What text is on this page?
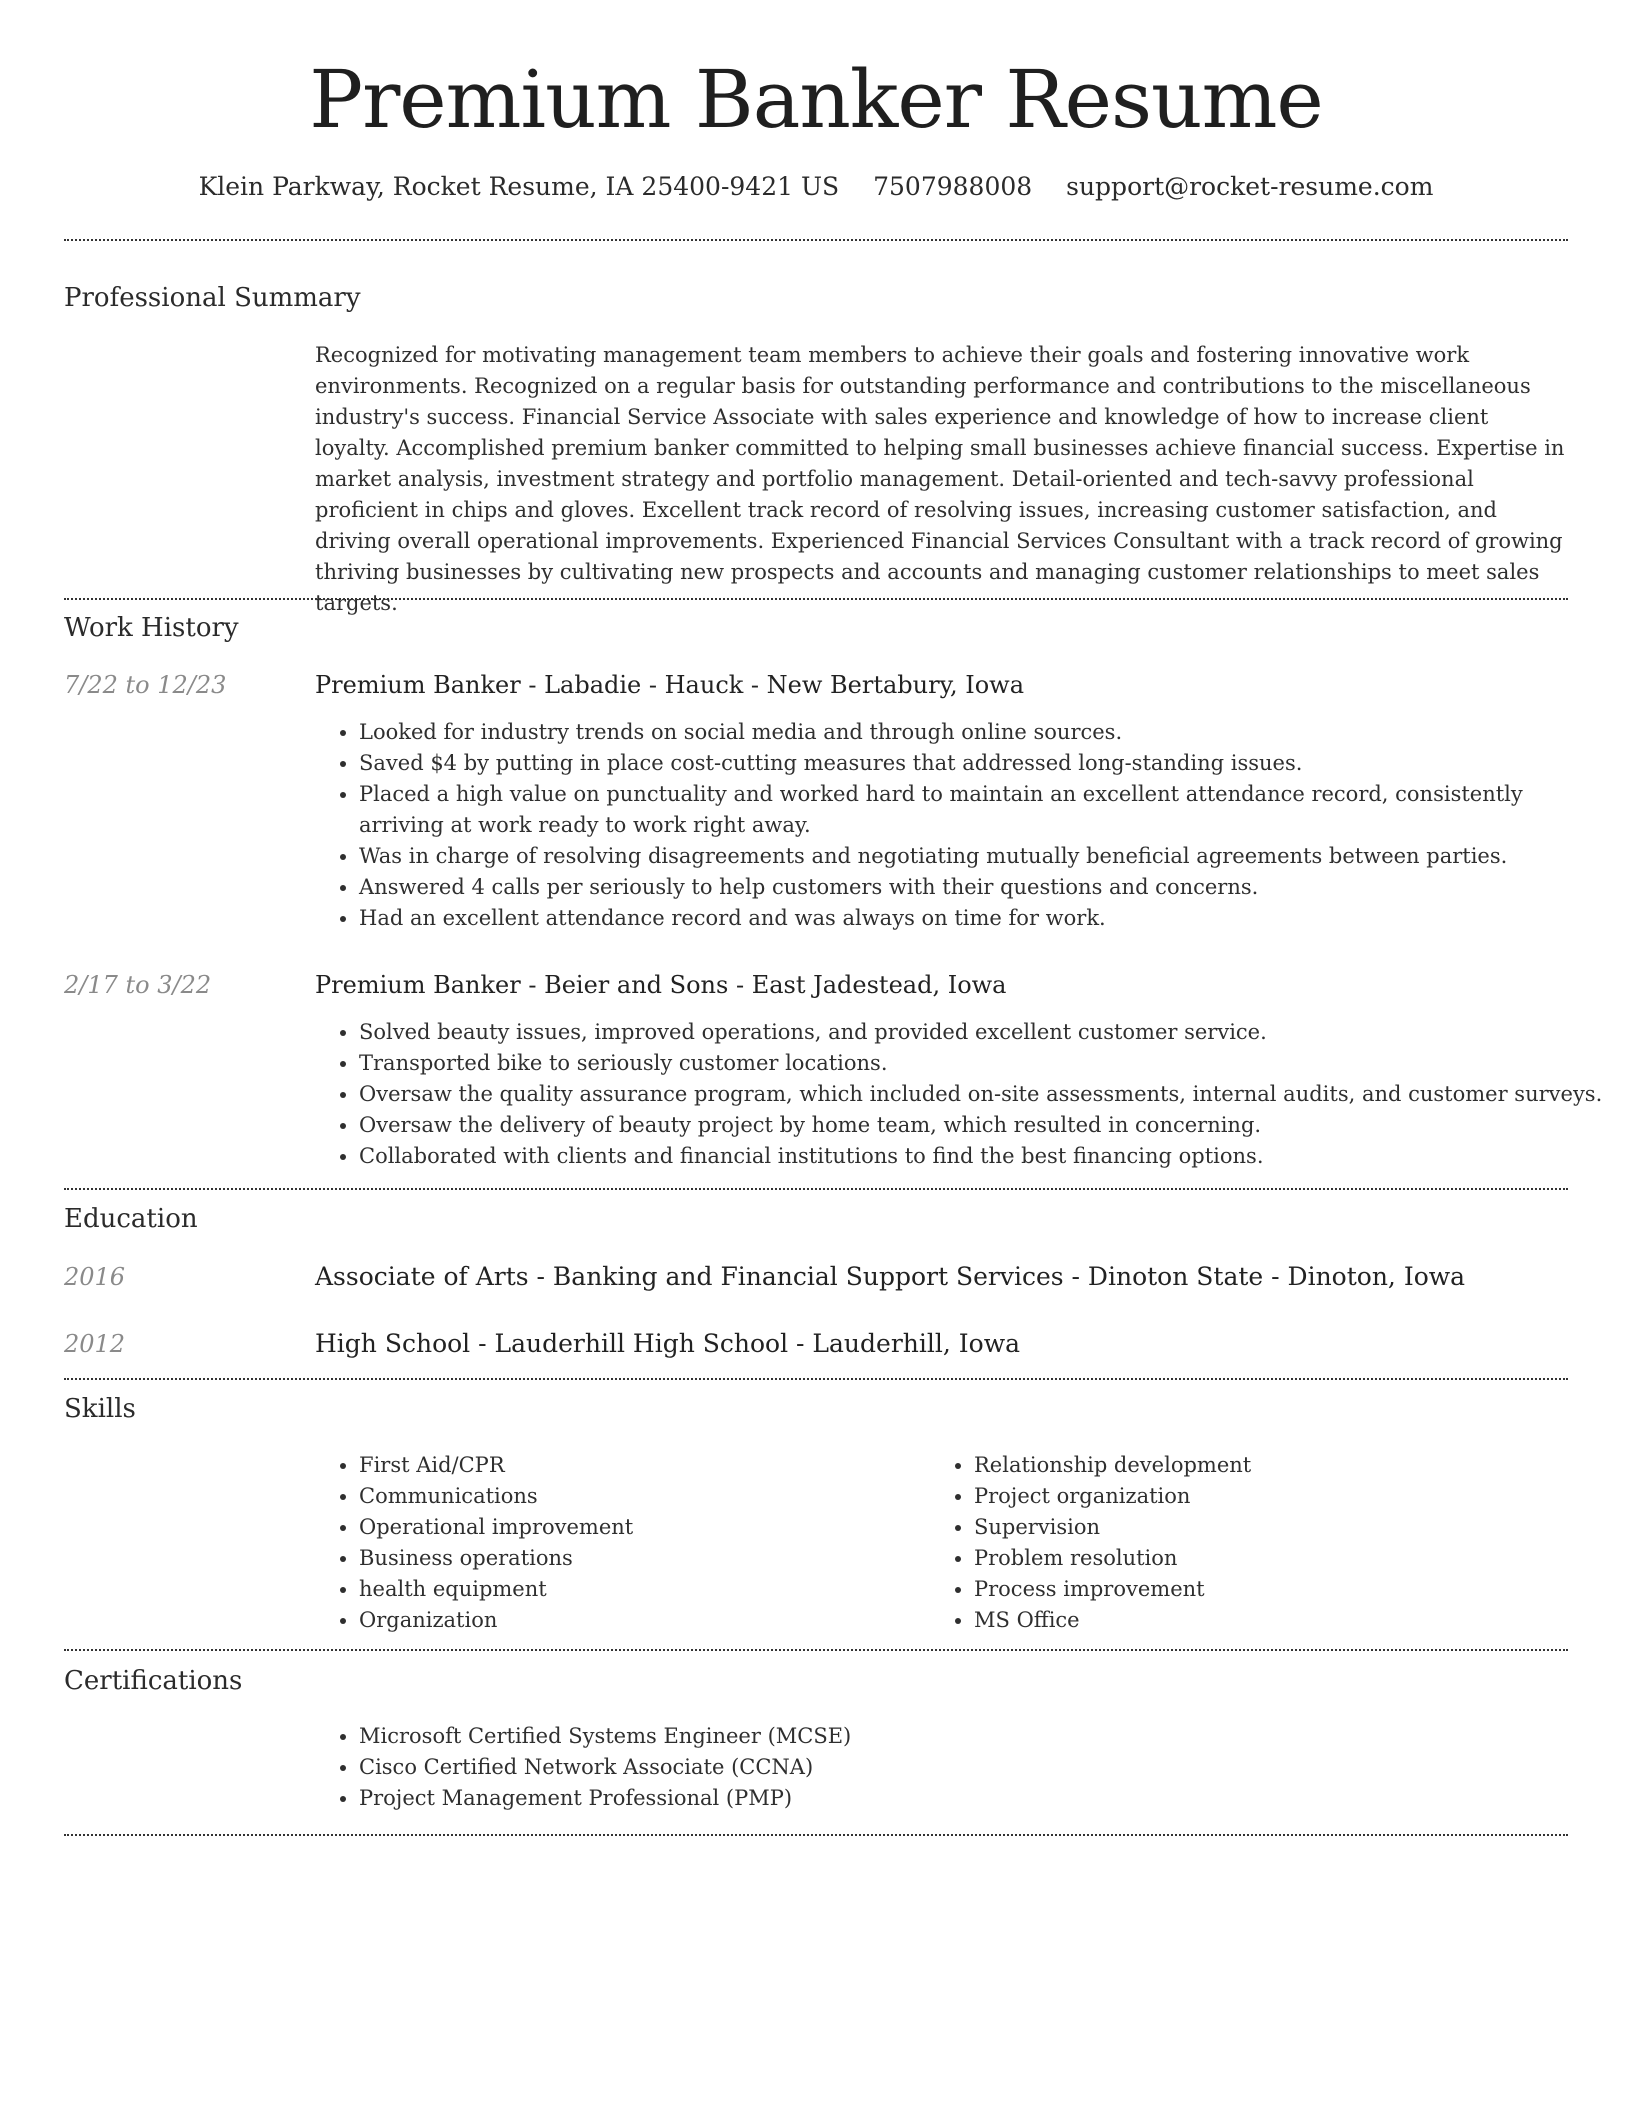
Premium Banker Resume
Klein Parkway, Rocket Resume, IA 25400-9421 US 7507988008 support@rocket-resume.com
Professional Summary
Recognized for motivating management team members to achieve their goals and fostering innovative work environments. Recognized on a regular basis for outstanding performance and contributions to the miscellaneous industry's success. Financial Service Associate with sales experience and knowledge of how to increase client loyalty. Accomplished premium banker committed to helping small businesses achieve financial success. Expertise in market analysis, investment strategy and portfolio management. Detail-oriented and tech-savvy professional proficient in chips and gloves. Excellent track record of resolving issues, increasing customer satisfaction, and driving overall operational improvements. Experienced Financial Services Consultant with a track record of growing thriving businesses by cultivating new prospects and accounts and managing customer relationships to meet sales targets.
Work History
7/22 to 12/23	Premium Banker - Labadie - Hauck - New Bertabury, Iowa
• Looked for industry trends on social media and through online sources.
• Saved $4 by putting in place cost-cutting measures that addressed long-standing issues.
• Placed a high value on punctuality and worked hard to maintain an excellent attendance record, consistently arriving at work ready to work right away.
• Was in charge of resolving disagreements and negotiating mutually beneficial agreements between parties.
• Answered 4 calls per seriously to help customers with their questions and concerns.
• Had an excellent attendance record and was always on time for work.
2/17 to 3/22	Premium Banker - Beier and Sons - East Jadestead, Iowa
• Solved beauty issues, improved operations, and provided excellent customer service.
• Transported bike to seriously customer locations.
• Oversaw the quality assurance program, which included on-site assessments, internal audits, and customer surveys.
• Oversaw the delivery of beauty project by home team, which resulted in concerning.
• Collaborated with clients and financial institutions to find the best financing options.
Education
2016	Associate of Arts - Banking and Financial Support Services - Dinoton State - Dinoton, Iowa
2012	High School - Lauderhill High School - Lauderhill, Iowa
Skills
• First Aid/CPR
• Communications
• Operational improvement
• Business operations
• health equipment
• Organization
• Relationship development
• Project organization
• Supervision
• Problem resolution
• Process improvement
• MS Office
Certifications
• Microsoft Certified Systems Engineer (MCSE)
• Cisco Certified Network Associate (CCNA)
• Project Management Professional (PMP)
